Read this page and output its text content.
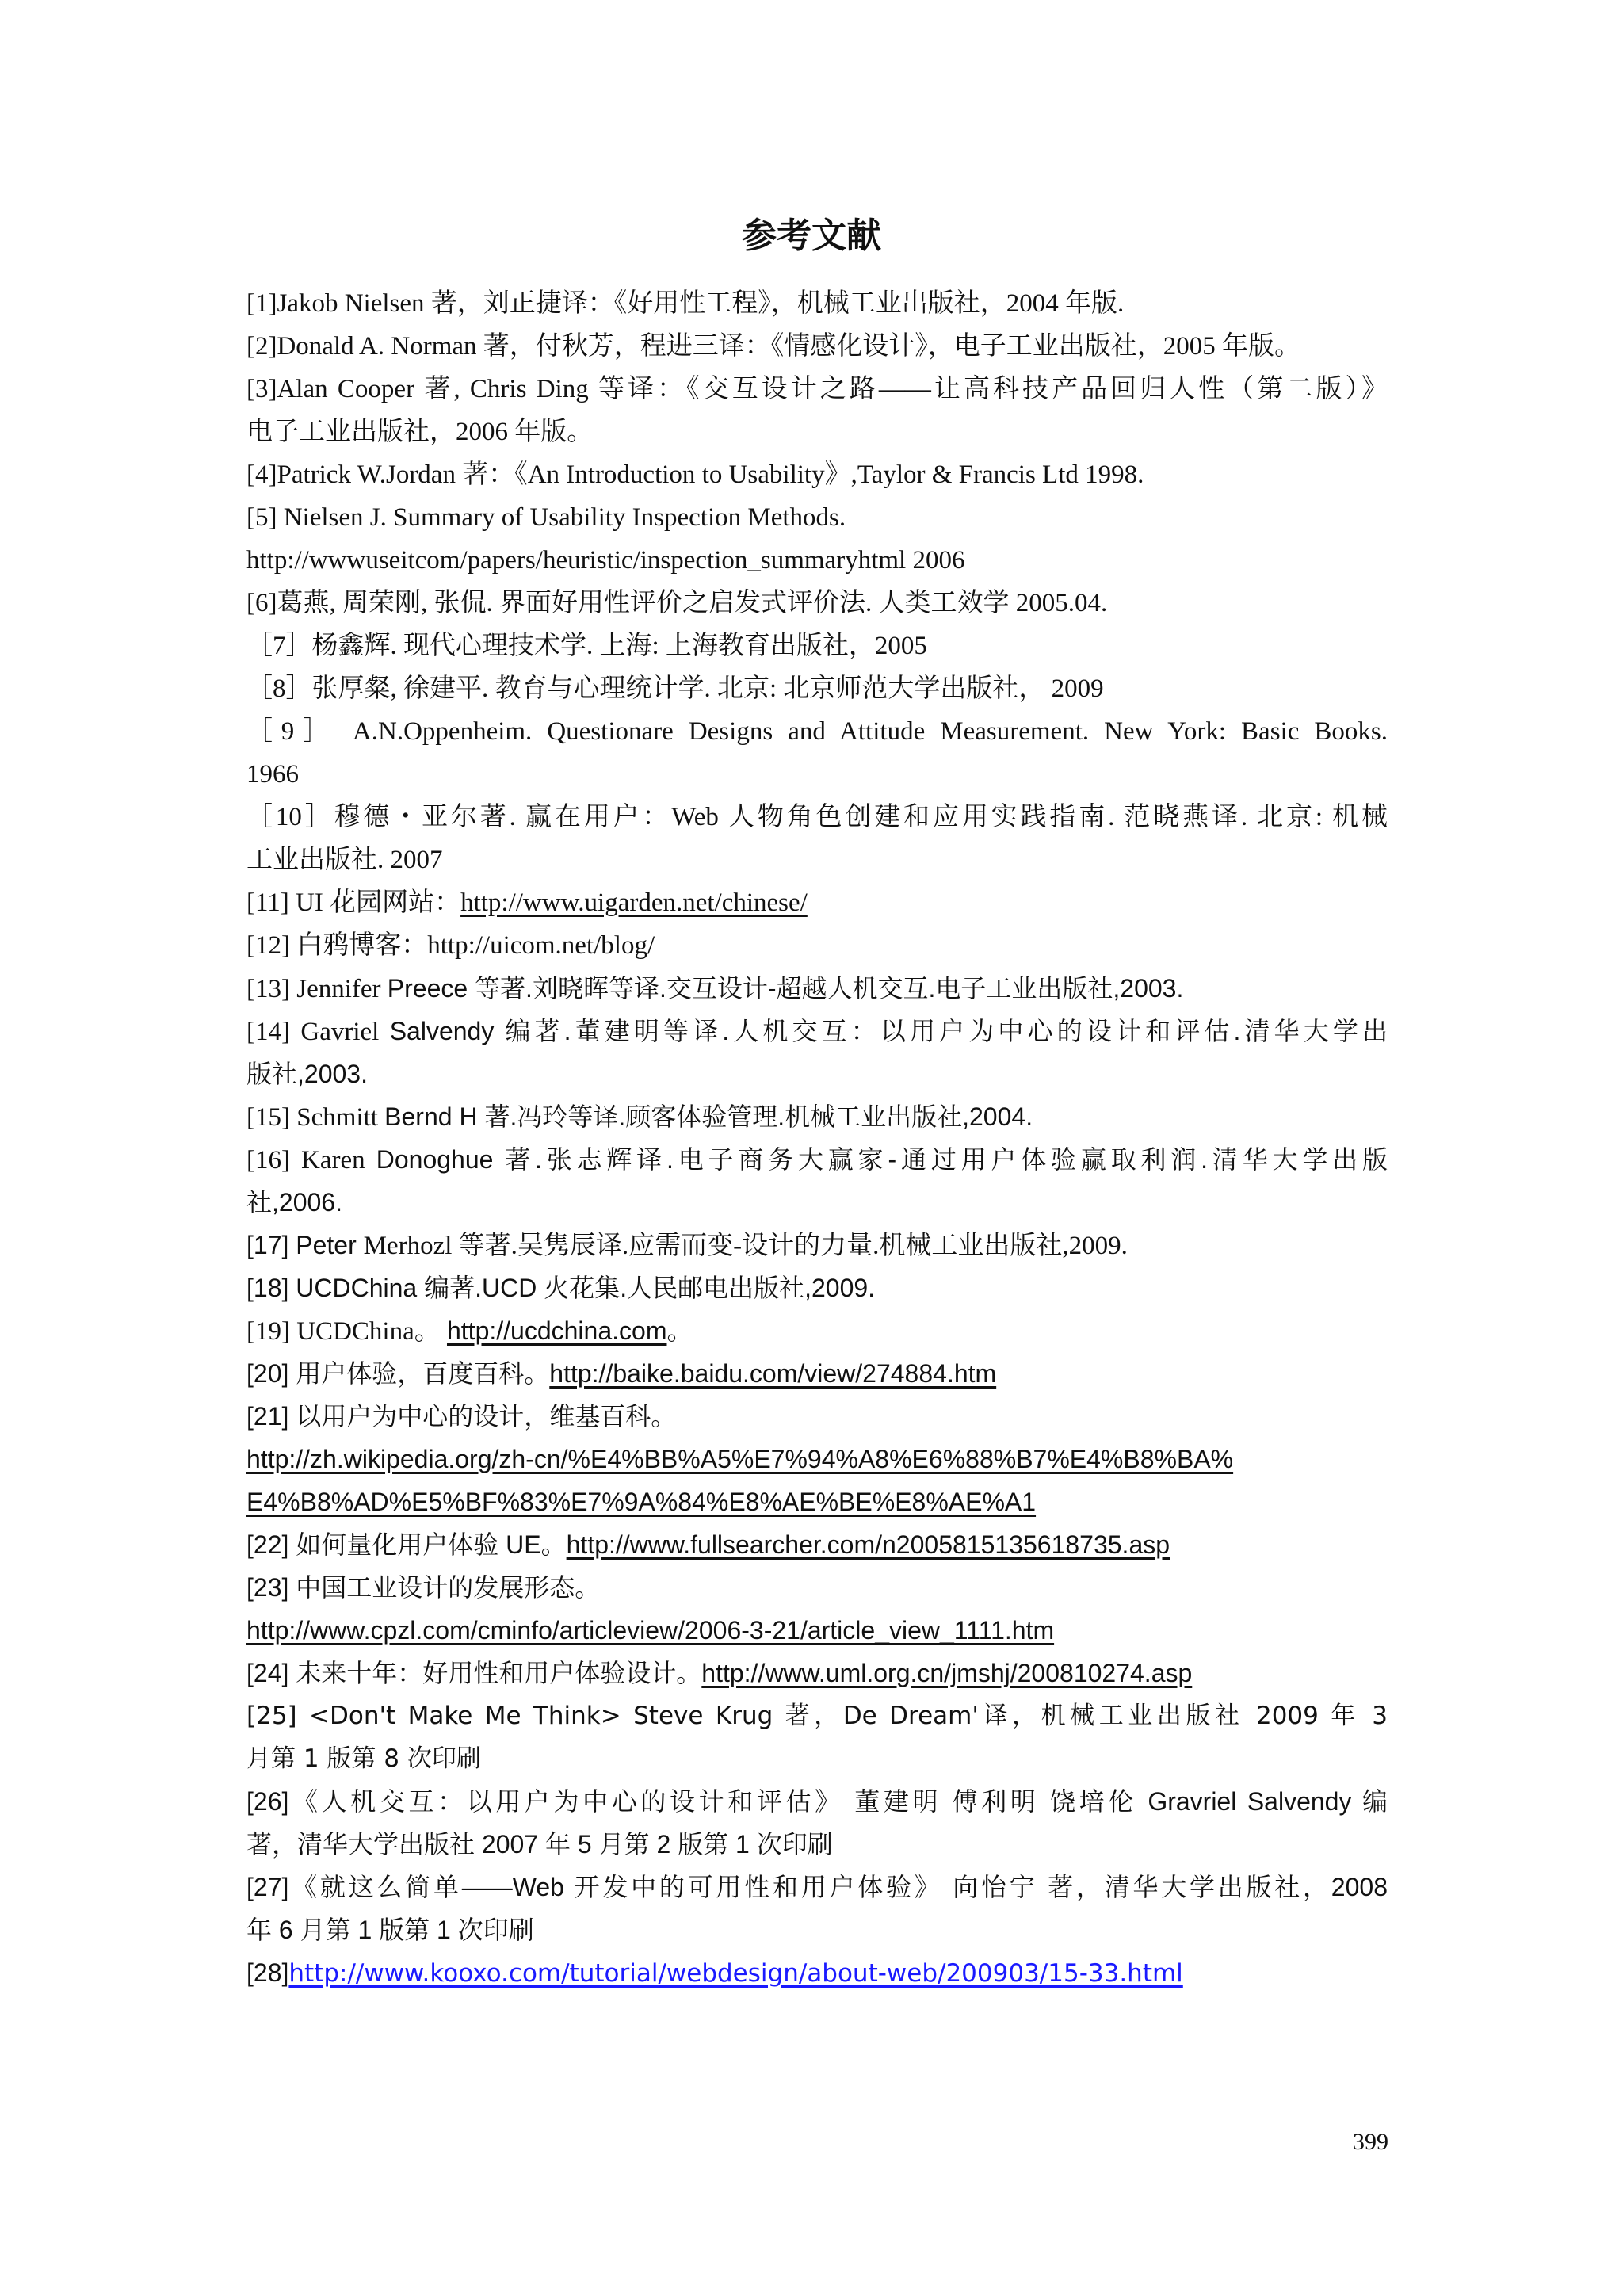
参考文献
[1]Jakob Nielsen 著，刘正捷译：《好用性工程》，机械工业出版社，2004 年版.
[2]Donald A. Norman 著，付秋芳，程进三译：《情感化设计》，电子工业出版社，2005 年版。
[3]Alan Cooper 著, Chris Ding 等译：《交互设计之路——让高科技产品回归人性（第二版）》
电子工业出版社，2006 年版。
[4]Patrick W.Jordan 著：《An Introduction to Usability》,Taylor & Francis Ltd 1998.
[5] Nielsen J. Summary of Usability Inspection Methods.
http://wwwuseitcom/papers/heuristic/inspection_summaryhtml 2006
[6]葛燕, 周荣刚, 张侃. 界面好用性评价之启发式评价法. 人类工效学 2005.04.
［7］杨鑫辉. 现代心理技术学. 上海: 上海教育出版社，2005
［8］张厚粲, 徐建平. 教育与心理统计学. 北京: 北京师范大学出版社， 2009
［9］ A.N.Oppenheim. Questionare Designs and Attitude Measurement. New York: Basic Books.
1966
［10］穆德・亚尔著. 赢在用户：Web 人物角色创建和应用实践指南. 范晓燕译. 北京: 机械
工业出版社. 2007
[11] UI 花园网站：http://www.uigarden.net/chinese/
[12] 白鸦博客：http://uicom.net/blog/
[13] Jennifer Preece 等著.刘晓晖等译.交互设计-超越人机交互.电子工业出版社,2003.
[14] Gavriel Salvendy 编著.董建明等译.人机交互：以用户为中心的设计和评估.清华大学出
版社,2003.
[15] Schmitt Bernd H 著.冯玲等译.顾客体验管理.机械工业出版社,2004.
[16] Karen Donoghue 著.张志辉译.电子商务大赢家-通过用户体验赢取利润.清华大学出版
社,2006.
[17] Peter Merhozl 等著.吴隽辰译.应需而变-设计的力量.机械工业出版社,2009.
[18] UCDChina 编著.UCD 火花集.人民邮电出版社,2009.
[19] UCDChina。 http://ucdchina.com。
[20] 用户体验，百度百科。http://baike.baidu.com/view/274884.htm
[21] 以用户为中心的设计，维基百科。
http://zh.wikipedia.org/zh-cn/%E4%BB%A5%E7%94%A8%E6%88%B7%E4%B8%BA%
E4%B8%AD%E5%BF%83%E7%9A%84%E8%AE%BE%E8%AE%A1
[22] 如何量化用户体验 UE。http://www.fullsearcher.com/n2005815135618735.asp
[23] 中国工业设计的发展形态。
http://www.cpzl.com/cminfo/articleview/2006-3-21/article_view_1111.htm
[24] 未来十年：好用性和用户体验设计。http://www.uml.org.cn/jmshj/200810274.asp
[25] <Don't Make Me Think> Steve Krug 著，De Dream'译，机械工业出版社 2009 年 3
月第 1 版第 8 次印刷
[26]《人机交互：以用户为中心的设计和评估》 董建明 傅利明 饶培伦 Gravriel Salvendy 编
著，清华大学出版社 2007 年 5 月第 2 版第 1 次印刷
[27]《就这么简单——Web 开发中的可用性和用户体验》 向怡宁 著，清华大学出版社，2008
年 6 月第 1 版第 1 次印刷
[28]http://www.kooxo.com/tutorial/webdesign/about-web/200903/15-33.html
399
